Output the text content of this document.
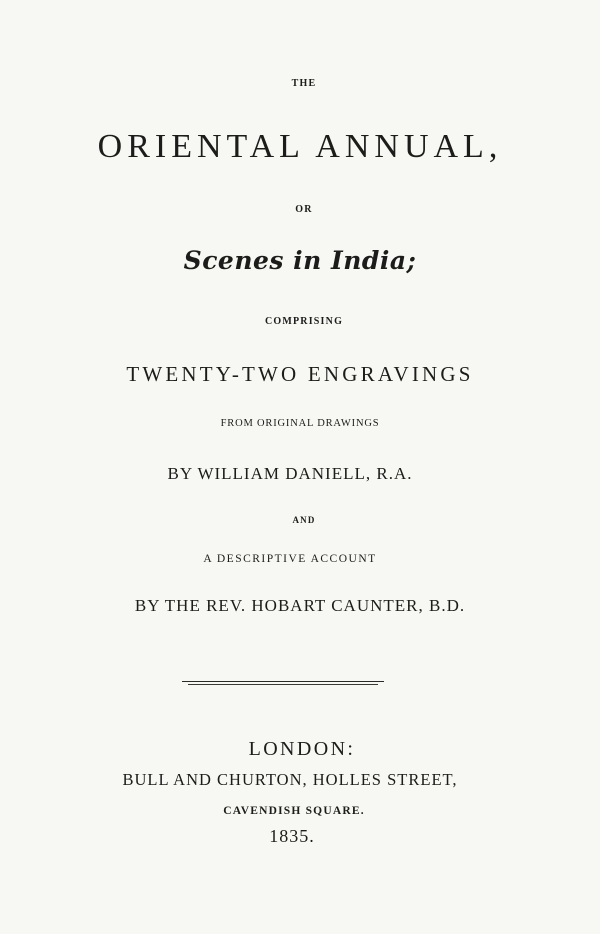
THE
ORIENTAL ANNUAL,
OR
Scenes in India;
COMPRISING
TWENTY-TWO ENGRAVINGS
FROM ORIGINAL DRAWINGS
BY WILLIAM DANIELL, R.A.
AND
A DESCRIPTIVE ACCOUNT
BY THE REV. HOBART CAUNTER, B.D.
LONDON:
BULL AND CHURTON, HOLLES STREET,
CAVENDISH SQUARE.
1835.
